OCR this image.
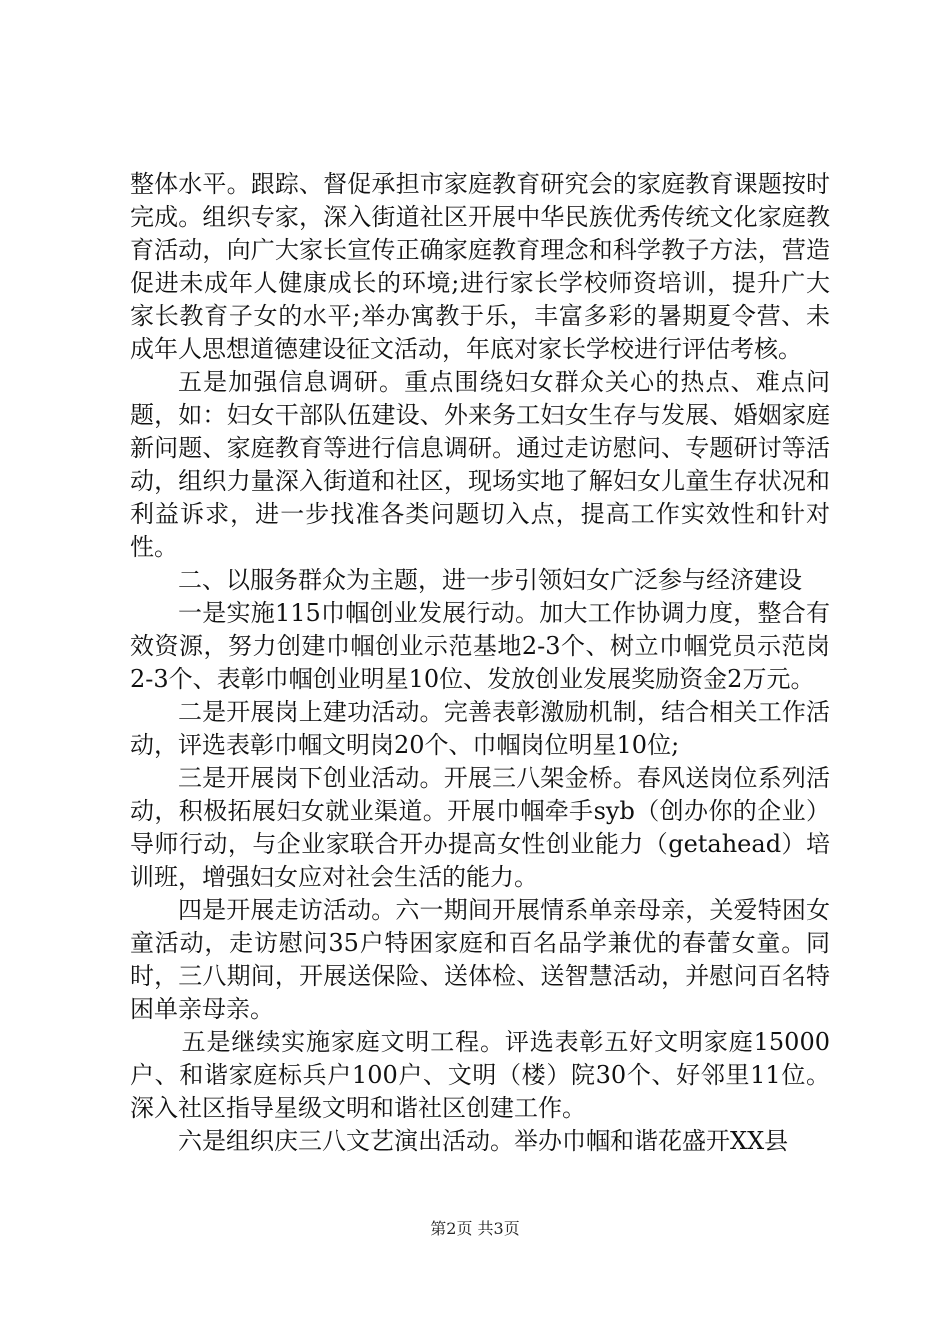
整体水平。跟踪、督促承担市家庭教育研究会的家庭教育课题按时完成。组织专家，深入街道社区开展中华民族优秀传统文化家庭教育活动，向广大家长宣传正确家庭教育理念和科学教子方法，营造促进未成年人健康成长的环境;进行家长学校师资培训，提升广大家长教育子女的水平;举办寓教于乐，丰富多彩的暑期夏令营、未成年人思想道德建设征文活动，年底对家长学校进行评估考核。

五是加强信息调研。重点围绕妇女群众关心的热点、难点问题，如：妇女干部队伍建设、外来务工妇女生存与发展、婚姻家庭新问题、家庭教育等进行信息调研。通过走访慰问、专题研讨等活动，组织力量深入街道和社区，现场实地了解妇女儿童生存状况和利益诉求，进一步找准各类问题切入点，提高工作实效性和针对性。

二、以服务群众为主题，进一步引领妇女广泛参与经济建设

一是实施115巾帼创业发展行动。加大工作协调力度，整合有效资源，努力创建巾帼创业示范基地2-3个、树立巾帼党员示范岗2-3个、表彰巾帼创业明星10位、发放创业发展奖励资金2万元。

二是开展岗上建功活动。完善表彰激励机制，结合相关工作活动，评选表彰巾帼文明岗20个、巾帼岗位明星10位;

三是开展岗下创业活动。开展三八架金桥。春风送岗位系列活动，积极拓展妇女就业渠道。开展巾帼牵手syb（创办你的企业）导师行动，与企业家联合开办提高女性创业能力（getahead）培训班，增强妇女应对社会生活的能力。

四是开展走访活动。六一期间开展情系单亲母亲，关爱特困女童活动，走访慰问35户特困家庭和百名品学兼优的春蕾女童。同时，三八期间，开展送保险、送体检、送智慧活动，并慰问百名特困单亲母亲。

五是继续实施家庭文明工程。评选表彰五好文明家庭15000户、和谐家庭标兵户100户、文明（楼）院30个、好邻里11位。深入社区指导星级文明和谐社区创建工作。

六是组织庆三八文艺演出活动。举办巾帼和谐花盛开XX县

第2页 共3页
